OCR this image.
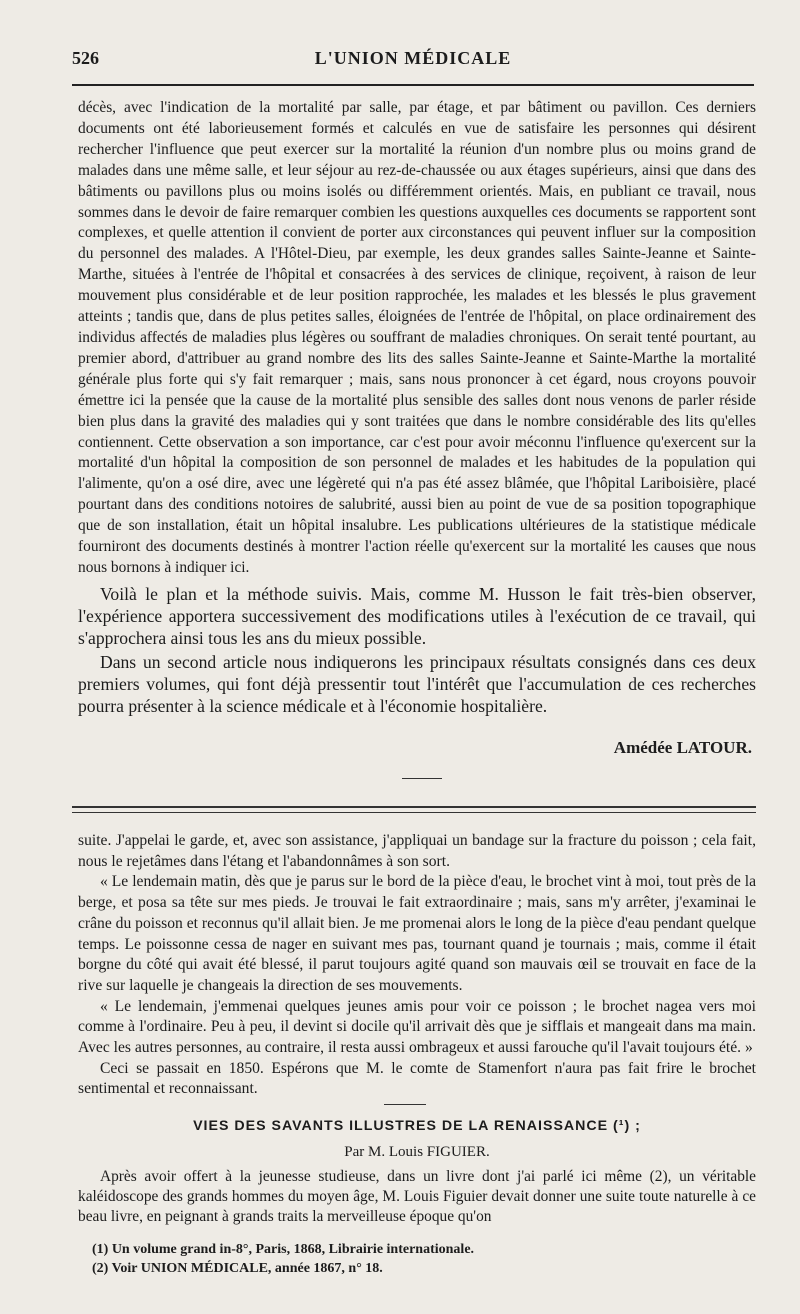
526	L'UNION MÉDICALE

décès, avec l'indication de la mortalité par salle, par étage, et par bâtiment ou pavillon. Ces derniers documents ont été laborieusement formés et calculés en vue de satisfaire les personnes qui désirent rechercher l'influence que peut exercer sur la mortalité la réunion d'un nombre plus ou moins grand de malades dans une même salle, et leur séjour au rez-de-chaussée ou aux étages supérieurs, ainsi que dans des bâtiments ou pavillons plus ou moins isolés ou différemment orientés. Mais, en publiant ce travail, nous sommes dans le devoir de faire remarquer combien les questions auxquelles ces documents se rapportent sont complexes, et quelle attention il convient de porter aux circonstances qui peuvent influer sur la composition du personnel des malades. A l'Hôtel-Dieu, par exemple, les deux grandes salles Sainte-Jeanne et Sainte-Marthe, situées à l'entrée de l'hôpital et consacrées à des services de clinique, reçoivent, à raison de leur mouvement plus considérable et de leur position rapprochée, les malades et les blessés le plus gravement atteints ; tandis que, dans de plus petites salles, éloignées de l'entrée de l'hôpital, on place ordinairement des individus affectés de maladies plus légères ou souffrant de maladies chroniques. On serait tenté pourtant, au premier abord, d'attribuer au grand nombre des lits des salles Sainte-Jeanne et Sainte-Marthe la mortalité générale plus forte qui s'y fait remarquer ; mais, sans nous prononcer à cet égard, nous croyons pouvoir émettre ici la pensée que la cause de la mortalité plus sensible des salles dont nous venons de parler réside bien plus dans la gravité des maladies qui y sont traitées que dans le nombre considérable des lits qu'elles contiennent. Cette observation a son importance, car c'est pour avoir méconnu l'influence qu'exercent sur la mortalité d'un hôpital la composition de son personnel de malades et les habitudes de la population qui l'alimente, qu'on a osé dire, avec une légèreté qui n'a pas été assez blâmée, que l'hôpital Lariboisière, placé pourtant dans des conditions notoires de salubrité, aussi bien au point de vue de sa position topographique que de son installation, était un hôpital insalubre. Les publications ultérieures de la statistique médicale fourniront des documents destinés à montrer l'action réelle qu'exercent sur la mortalité les causes que nous nous bornons à indiquer ici.

Voilà le plan et la méthode suivis. Mais, comme M. Husson le fait très-bien observer, l'expérience apportera successivement des modifications utiles à l'exécution de ce travail, qui s'approchera ainsi tous les ans du mieux possible.

Dans un second article nous indiquerons les principaux résultats consignés dans ces deux premiers volumes, qui font déjà pressentir tout l'intérêt que l'accumulation de ces recherches pourra présenter à la science médicale et à l'économie hospitalière.

Amédée LATOUR.

suite. J'appelai le garde, et, avec son assistance, j'appliquai un bandage sur la fracture du poisson ; cela fait, nous le rejetâmes dans l'étang et l'abandonnâmes à son sort.

« Le lendemain matin, dès que je parus sur le bord de la pièce d'eau, le brochet vint à moi, tout près de la berge, et posa sa tête sur mes pieds. Je trouvai le fait extraordinaire ; mais, sans m'y arrêter, j'examinai le crâne du poisson et reconnus qu'il allait bien. Je me promenai alors le long de la pièce d'eau pendant quelque temps. Le poissonne cessa de nager en suivant mes pas, tournant quand je tournais ; mais, comme il était borgne du côté qui avait été blessé, il parut toujours agité quand son mauvais œil se trouvait en face de la rive sur laquelle je changeais la direction de ses mouvements.

« Le lendemain, j'emmenai quelques jeunes amis pour voir ce poisson ; le brochet nagea vers moi comme à l'ordinaire. Peu à peu, il devint si docile qu'il arrivait dès que je sifflais et mangeait dans ma main. Avec les autres personnes, au contraire, il resta aussi ombrageux et aussi farouche qu'il l'avait toujours été. »

Ceci se passait en 1850. Espérons que M. le comte de Stamenfort n'aura pas fait frire le brochet sentimental et reconnaissant.

VIES DES SAVANTS ILLUSTRES DE LA RENAISSANCE (¹) ;
Par M. Louis FIGUIER.

Après avoir offert à la jeunesse studieuse, dans un livre dont j'ai parlé ici même (2), un véritable kaléidoscope des grands hommes du moyen âge, M. Louis Figuier devait donner une suite toute naturelle à ce beau livre, en peignant à grands traits la merveilleuse époque qu'on

(1) Un volume grand in-8°, Paris, 1868, Librairie internationale.
(2) Voir UNION MÉDICALE, année 1867, n° 18.
